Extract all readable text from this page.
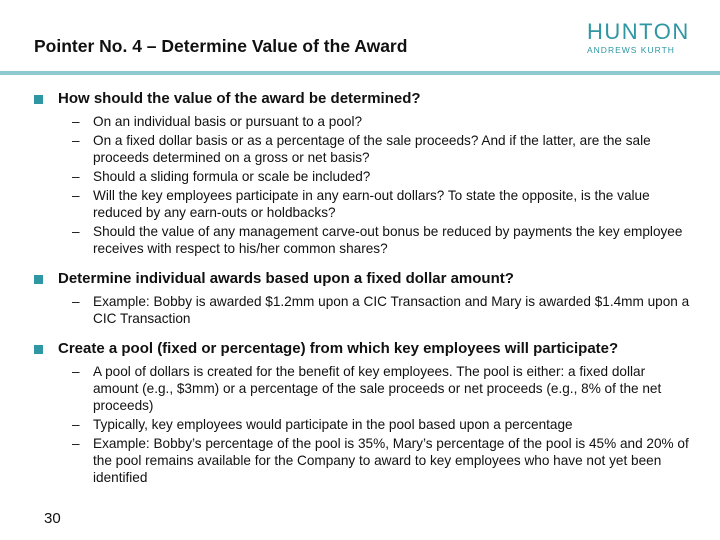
Pointer No. 4 – Determine Value of the Award
HUNTON
ANDREWS KURTH
How should the value of the award be determined?
– On an individual basis or pursuant to a pool?
– On a fixed dollar basis or as a percentage of the sale proceeds? And if the latter, are the sale proceeds determined on a gross or net basis?
– Should a sliding formula or scale be included?
– Will the key employees participate in any earn-out dollars? To state the opposite, is the value reduced by any earn-outs or holdbacks?
– Should the value of any management carve-out bonus be reduced by payments the key employee receives with respect to his/her common shares?
Determine individual awards based upon a fixed dollar amount?
– Example: Bobby is awarded $1.2mm upon a CIC Transaction and Mary is awarded $1.4mm upon a CIC Transaction
Create a pool (fixed or percentage) from which key employees will participate?
– A pool of dollars is created for the benefit of key employees. The pool is either: a fixed dollar amount (e.g., $3mm) or a percentage of the sale proceeds or net proceeds (e.g., 8% of the net proceeds)
– Typically, key employees would participate in the pool based upon a percentage
– Example: Bobby’s percentage of the pool is 35%, Mary’s percentage of the pool is 45% and 20% of the pool remains available for the Company to award to key employees who have not yet been identified
30
